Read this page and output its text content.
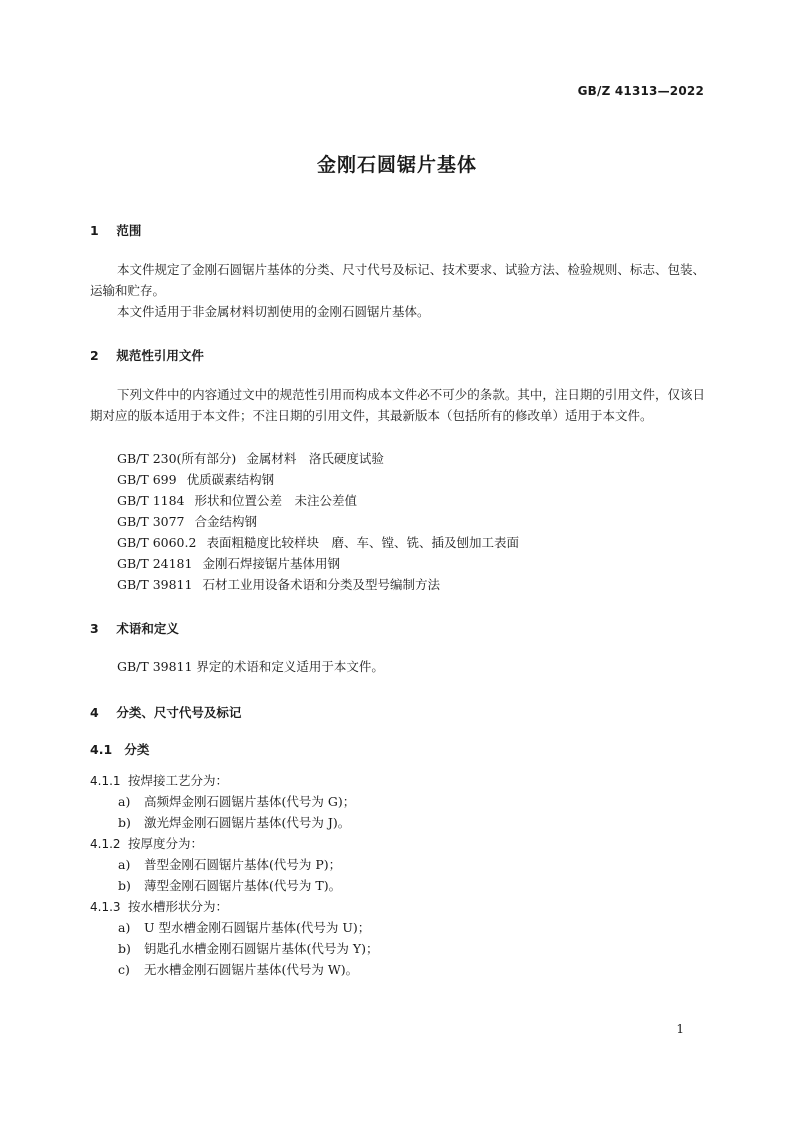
GB/Z 41313—2022
金刚石圆锯片基体
1 范围
本文件规定了金刚石圆锯片基体的分类、尺寸代号及标记、技术要求、试验方法、检验规则、标志、包装、运输和贮存。
本文件适用于非金属材料切割使用的金刚石圆锯片基体。
2 规范性引用文件
下列文件中的内容通过文中的规范性引用而构成本文件必不可少的条款。其中，注日期的引用文件，仅该日期对应的版本适用于本文件；不注日期的引用文件，其最新版本（包括所有的修改单）适用于本文件。
GB/T 230(所有部分) 金属材料　洛氏硬度试验
GB/T 699 优质碳素结构钢
GB/T 1184 形状和位置公差　未注公差值
GB/T 3077 合金结构钢
GB/T 6060.2 表面粗糙度比较样块　磨、车、镗、铣、插及刨加工表面
GB/T 24181 金刚石焊接锯片基体用钢
GB/T 39811 石材工业用设备术语和分类及型号编制方法
3 术语和定义
GB/T 39811 界定的术语和定义适用于本文件。
4 分类、尺寸代号及标记
4.1 分类
4.1.1 按焊接工艺分为：
a) 高频焊金刚石圆锯片基体(代号为 G)；
b) 激光焊金刚石圆锯片基体(代号为 J)。
4.1.2 按厚度分为：
a) 普型金刚石圆锯片基体(代号为 P)；
b) 薄型金刚石圆锯片基体(代号为 T)。
4.1.3 按水槽形状分为：
a) U 型水槽金刚石圆锯片基体(代号为 U)；
b) 钥匙孔水槽金刚石圆锯片基体(代号为 Y)；
c) 无水槽金刚石圆锯片基体(代号为 W)。
1
